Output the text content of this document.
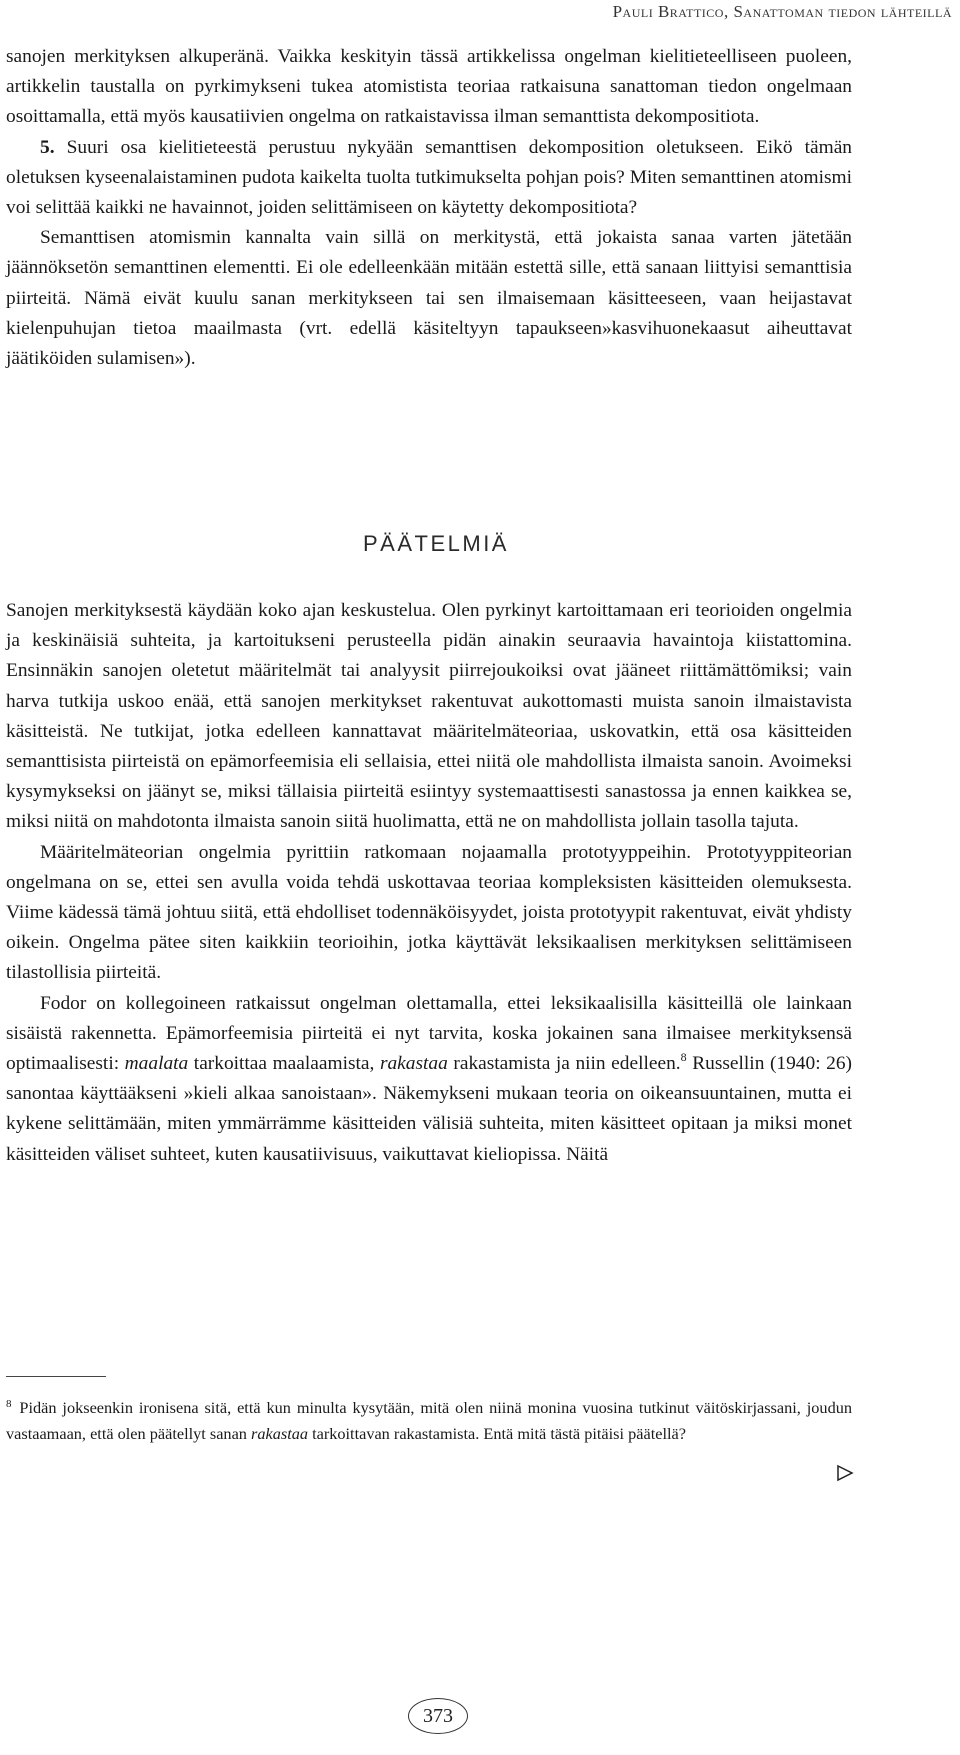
Pauli Brattico, Sanattoman tiedon lähteillä

sanojen merkityksen alkuperänä. Vaikka keskityin tässä artikkelissa ongelman kielitieteelliseen puoleen, artikkelin taustalla on pyrkimykseni tukea atomistista teoriaa ratkaisuna sanattoman tiedon ongelmaan osoittamalla, että myös kausatiivien ongelma on ratkaistavissa ilman semanttista dekompositiota.

5. Suuri osa kielitieteestä perustuu nykyään semanttisen dekomposition oletukseen. Eikö tämän oletuksen kyseenalaistaminen pudota kaikelta tuolta tutkimukselta pohjan pois? Miten semanttinen atomismi voi selittää kaikki ne havainnot, joiden selittämiseen on käytetty dekompositiota?

Semanttisen atomismin kannalta vain sillä on merkitystä, että jokaista sanaa varten jätetään jäännöksetön semanttinen elementti. Ei ole edelleenkään mitään estettä sille, että sanaan liittyisi semanttisia piirteitä. Nämä eivät kuulu sanan merkitykseen tai sen ilmaisemaan käsitteeseen, vaan heijastavat kielenpuhujan tietoa maailmasta (vrt. edellä käsiteltyyn tapaukseen»kasvihuonekaasut aiheuttavat jäätiköiden sulamisen»).

PÄÄTELMIÄ

Sanojen merkityksestä käydään koko ajan keskustelua. Olen pyrkinyt kartoittamaan eri teorioiden ongelmia ja keskinäisiä suhteita, ja kartoitukseni perusteella pidän ainakin seuraavia havaintoja kiistattomina. Ensinnäkin sanojen oletetut määritelmät tai analyysit piirrejoukoiksi ovat jääneet riittämättömiksi; vain harva tutkija uskoo enää, että sanojen merkitykset rakentuvat aukottomasti muista sanoin ilmaistavista käsitteistä. Ne tutkijat, jotka edelleen kannattavat määritelmäteoriaa, uskovatkin, että osa käsitteiden semanttisista piirteistä on epämorfeemisia eli sellaisia, ettei niitä ole mahdollista ilmaista sanoin. Avoimeksi kysymykseksi on jäänyt se, miksi tällaisia piirteitä esiintyy systemaattisesti sanastossa ja ennen kaikkea se, miksi niitä on mahdotonta ilmaista sanoin siitä huolimatta, että ne on mahdollista jollain tasolla tajuta.

Määritelmäteorian ongelmia pyrittiin ratkomaan nojaamalla prototyyppeihin. Prototyyppiteorian ongelmana on se, ettei sen avulla voida tehdä uskottavaa teoriaa kompleksisten käsitteiden olemuksesta. Viime kädessä tämä johtuu siitä, että ehdolliset todennäköisyydet, joista prototyypit rakentuvat, eivät yhdisty oikein. Ongelma pätee siten kaikkiin teorioihin, jotka käyttävät leksikaalisen merkityksen selittämiseen tilastollisia piirteitä.

Fodor on kollegoineen ratkaissut ongelman olettamalla, ettei leksikaalisilla käsitteillä ole lainkaan sisäistä rakennetta. Epämorfeemisia piirteitä ei nyt tarvita, koska jokainen sana ilmaisee merkityksensä optimaalisesti: maalata tarkoittaa maalaamista, rakastaa rakastamista ja niin edelleen.$^8$ Russellin (1940: 26) sanontaa käyttääkseni »kieli alkaa sanoistaan». Näkemykseni mukaan teoria on oikeansuuntainen, mutta ei kykene selittämään, miten ymmärrämme käsitteiden välisiä suhteita, miten käsitteet opitaan ja miksi monet käsitteiden väliset suhteet, kuten kausatiivisuus, vaikuttavat kieliopissa. Näitä

$^8$ Pidän jokseenkin ironisena sitä, että kun minulta kysytään, mitä olen niinä monina vuosina tutkinut väitöskirjassani, joudun vastaamaan, että olen päätellyt sanan rakastaa tarkoittavan rakastamista. Entä mitä tästä pitäisi päätellä?

373
